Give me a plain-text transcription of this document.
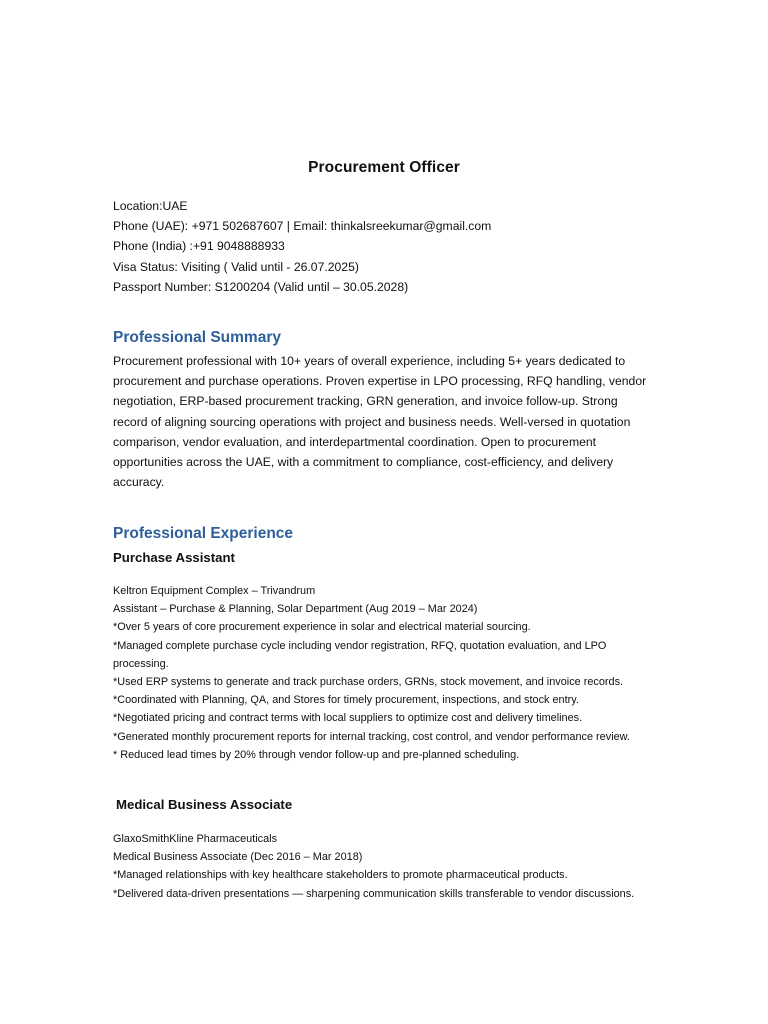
Procurement Officer
Location:UAE
Phone (UAE): +971 502687607 | Email: thinkalsreekumar@gmail.com
Phone (India) :+91 9048888933
Visa Status: Visiting ( Valid until - 26.07.2025)
Passport Number: S1200204 (Valid until – 30.05.2028)
Professional Summary
Procurement professional with 10+ years of overall experience, including 5+ years dedicated to procurement and purchase operations. Proven expertise in LPO processing, RFQ handling, vendor negotiation, ERP-based procurement tracking, GRN generation, and invoice follow-up. Strong record of aligning sourcing operations with project and business needs. Well-versed in quotation comparison, vendor evaluation, and interdepartmental coordination. Open to procurement opportunities across the UAE, with a commitment to compliance, cost-efficiency, and delivery accuracy.
Professional Experience
Purchase Assistant
Keltron Equipment Complex – Trivandrum
Assistant – Purchase & Planning, Solar Department (Aug 2019 – Mar 2024)
*Over 5 years of core procurement experience in solar and electrical material sourcing.
*Managed complete purchase cycle including vendor registration, RFQ, quotation evaluation, and LPO processing.
*Used ERP systems to generate and track purchase orders, GRNs, stock movement, and invoice records.
*Coordinated with Planning, QA, and Stores for timely procurement, inspections, and stock entry.
*Negotiated pricing and contract terms with local suppliers to optimize cost and delivery timelines.
*Generated monthly procurement reports for internal tracking, cost control, and vendor performance review.
* Reduced lead times by 20% through vendor follow-up and pre-planned scheduling.
Medical Business Associate
GlaxoSmithKline Pharmaceuticals
Medical Business Associate (Dec 2016 – Mar 2018)
*Managed relationships with key healthcare stakeholders to promote pharmaceutical products.
*Delivered data-driven presentations — sharpening communication skills transferable to vendor discussions.
